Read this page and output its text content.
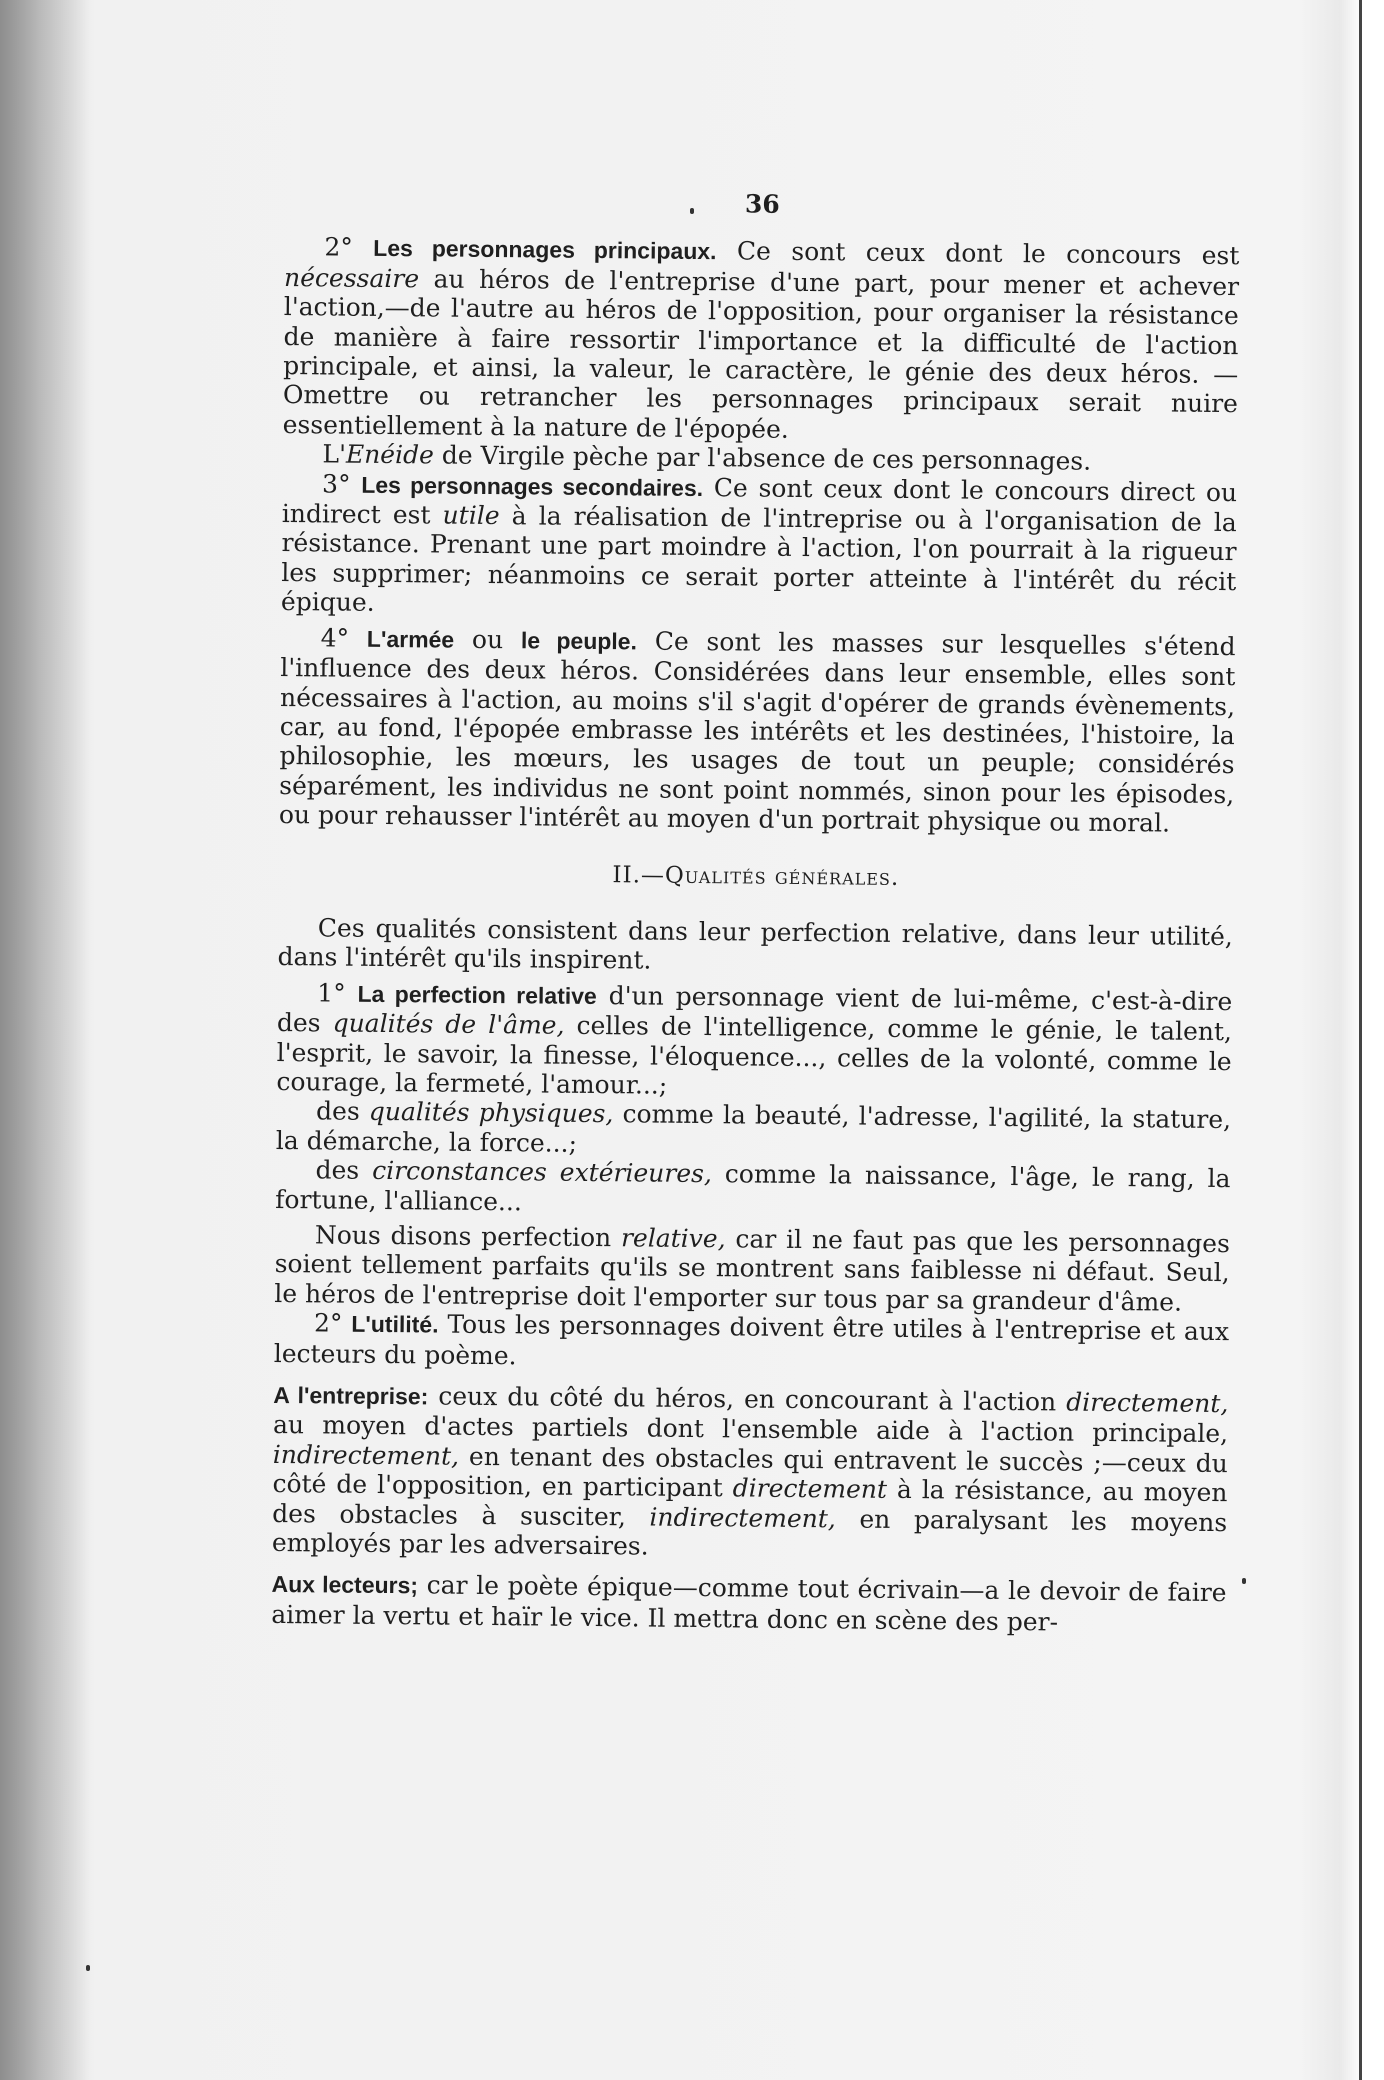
36

2° Les personnages principaux. Ce sont ceux dont le concours est nécessaire au héros de l'entreprise d'une part, pour mener et achever l'action,—de l'autre au héros de l'opposition, pour organiser la résistance de manière à faire ressortir l'importance et la difficulté de l'action principale, et ainsi, la valeur, le caractère, le génie des deux héros. — Omettre ou retrancher les personnages principaux serait nuire essentiellement à la nature de l'épopée.

L'Enéide de Virgile pèche par l'absence de ces personnages.

3° Les personnages secondaires. Ce sont ceux dont le concours direct ou indirect est utile à la réalisation de l'intreprise ou à l'organisation de la résistance. Prenant une part moindre à l'action, l'on pourrait à la rigueur les supprimer; néanmoins ce serait porter atteinte à l'intérêt du récit épique.

4° L'armée ou le peuple. Ce sont les masses sur lesquelles s'étend l'influence des deux héros. Considérées dans leur ensemble, elles sont nécessaires à l'action, au moins s'il s'agit d'opérer de grands évènements, car, au fond, l'épopée embrasse les intérêts et les destinées, l'histoire, la philosophie, les mœurs, les usages de tout un peuple; considérés séparément, les individus ne sont point nommés, sinon pour les épisodes, ou pour rehausser l'intérêt au moyen d'un portrait physique ou moral.

II.—Qualités générales.

Ces qualités consistent dans leur perfection relative, dans leur utilité, dans l'intérêt qu'ils inspirent.

1° La perfection relative d'un personnage vient de lui-même, c'est-à-dire des qualités de l'âme, celles de l'intelligence, comme le génie, le talent, l'esprit, le savoir, la finesse, l'éloquence..., celles de la volonté, comme le courage, la fermeté, l'amour...;

des qualités physiques, comme la beauté, l'adresse, l'agilité, la stature, la démarche, la force...;

des circonstances extérieures, comme la naissance, l'âge, le rang, la fortune, l'alliance...

Nous disons perfection relative, car il ne faut pas que les personnages soient tellement parfaits qu'ils se montrent sans faiblesse ni défaut. Seul, le héros de l'entreprise doit l'emporter sur tous par sa grandeur d'âme.

2° L'utilité. Tous les personnages doivent être utiles à l'entreprise et aux lecteurs du poème.

A l'entreprise: ceux du côté du héros, en concourant à l'action directement, au moyen d'actes partiels dont l'ensemble aide à l'action principale, indirectement, en tenant des obstacles qui entravent le succès ;—ceux du côté de l'opposition, en participant directement à la résistance, au moyen des obstacles à susciter, indirectement, en paralysant les moyens employés par les adversaires.

Aux lecteurs; car le poète épique—comme tout écrivain—a le devoir de faire aimer la vertu et haïr le vice. Il mettra donc en scène des per-
